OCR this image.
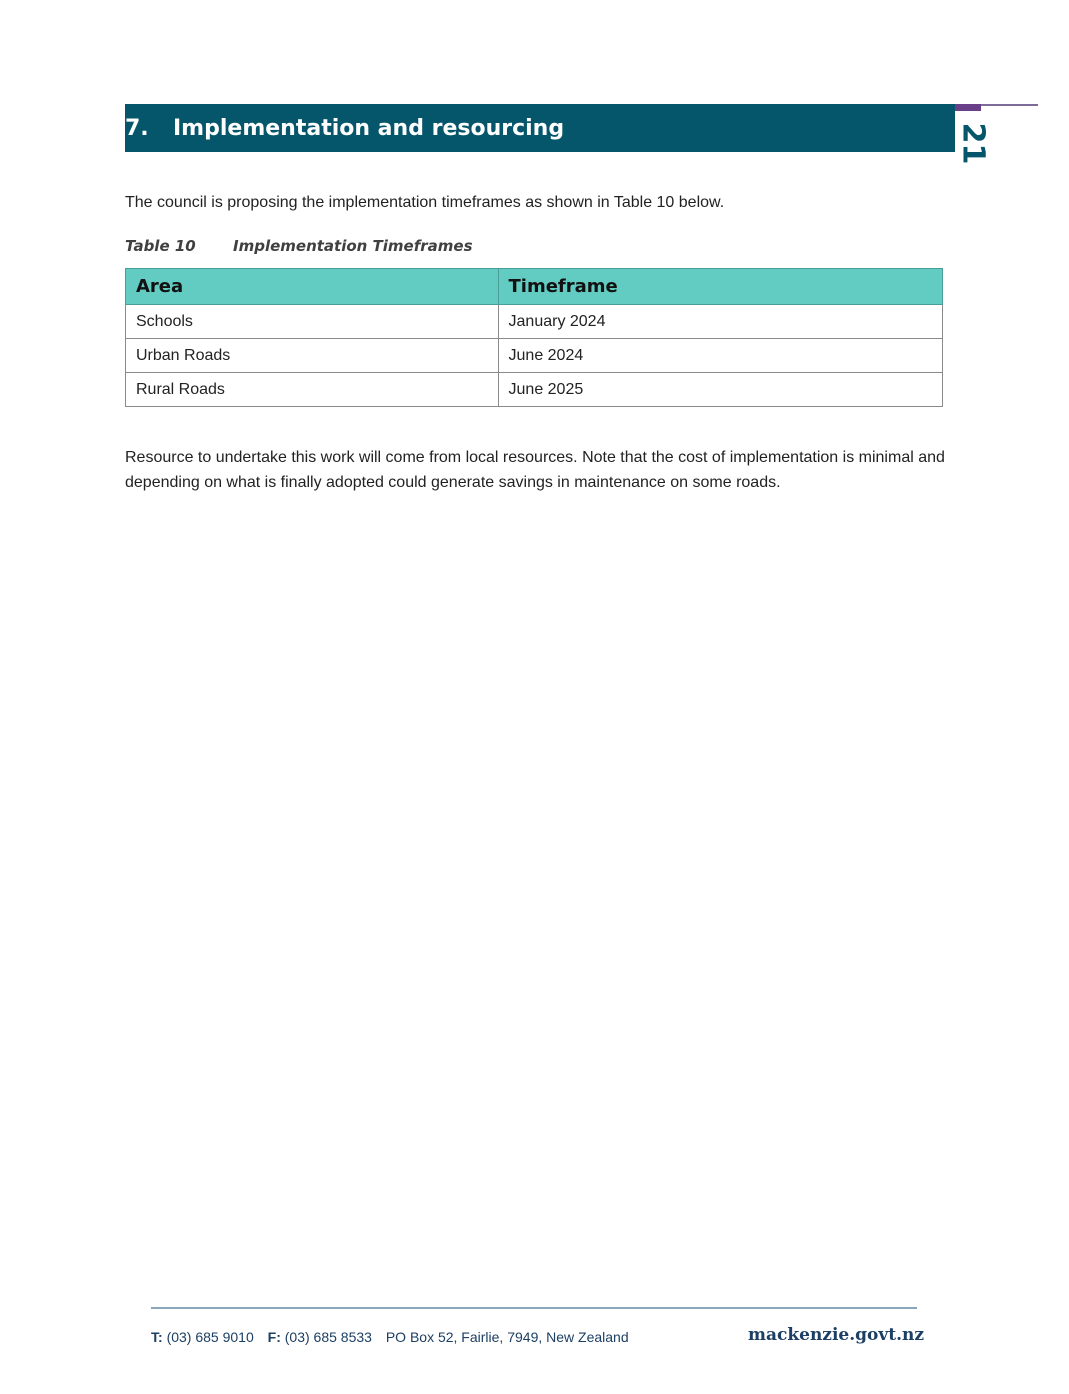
7.	Implementation and resourcing	21

The council is proposing the implementation timeframes as shown in Table 10 below.

Table 10 Implementation Timeframes
Area	Timeframe
Schools	January 2024
Urban Roads	June 2024
Rural Roads	June 2025

Resource to undertake this work will come from local resources. Note that the cost of implementation is minimal and depending on what is finally adopted could generate savings in maintenance on some roads.

T: (03) 685 9010 F: (03) 685 8533 PO Box 52, Fairlie, 7949, New Zealand	mackenzie.govt.nz
